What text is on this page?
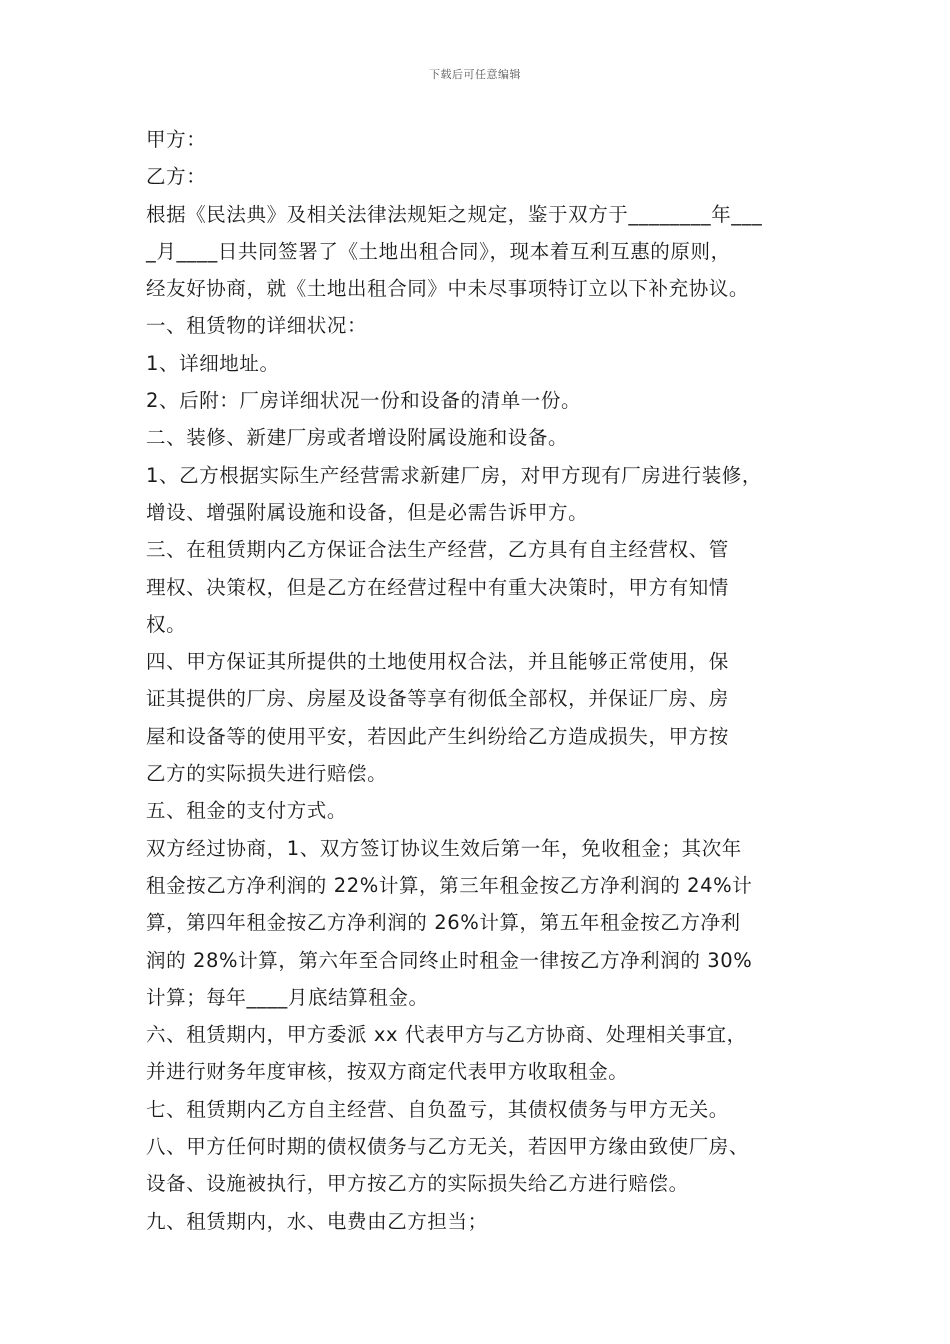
下载后可任意编辑
甲方：
乙方：
根据《民法典》及相关法律法规矩之规定，鉴于双方于________年___
_月____日共同签署了《土地出租合同》，现本着互利互惠的原则，
经友好协商，就《土地出租合同》中未尽事项特订立以下补充协议。
一、租赁物的详细状况：
1、详细地址。
2、后附：厂房详细状况一份和设备的清单一份。
二、装修、新建厂房或者增设附属设施和设备。
1、乙方根据实际生产经营需求新建厂房，对甲方现有厂房进行装修，
增设、增强附属设施和设备，但是必需告诉甲方。
三、在租赁期内乙方保证合法生产经营，乙方具有自主经营权、管
理权、决策权，但是乙方在经营过程中有重大决策时，甲方有知情
权。
四、甲方保证其所提供的土地使用权合法，并且能够正常使用，保
证其提供的厂房、房屋及设备等享有彻低全部权，并保证厂房、房
屋和设备等的使用平安，若因此产生纠纷给乙方造成损失，甲方按
乙方的实际损失进行赔偿。
五、租金的支付方式。
双方经过协商，1、双方签订协议生效后第一年，免收租金；其次年
租金按乙方净利润的 22%计算，第三年租金按乙方净利润的 24%计
算，第四年租金按乙方净利润的 26%计算，第五年租金按乙方净利
润的 28%计算，第六年至合同终止时租金一律按乙方净利润的 30%
计算；每年____月底结算租金。
六、租赁期内，甲方委派 xx 代表甲方与乙方协商、处理相关事宜，
并进行财务年度审核，按双方商定代表甲方收取租金。
七、租赁期内乙方自主经营、自负盈亏，其债权债务与甲方无关。
八、甲方任何时期的债权债务与乙方无关，若因甲方缘由致使厂房、
设备、设施被执行，甲方按乙方的实际损失给乙方进行赔偿。
九、租赁期内，水、电费由乙方担当；
